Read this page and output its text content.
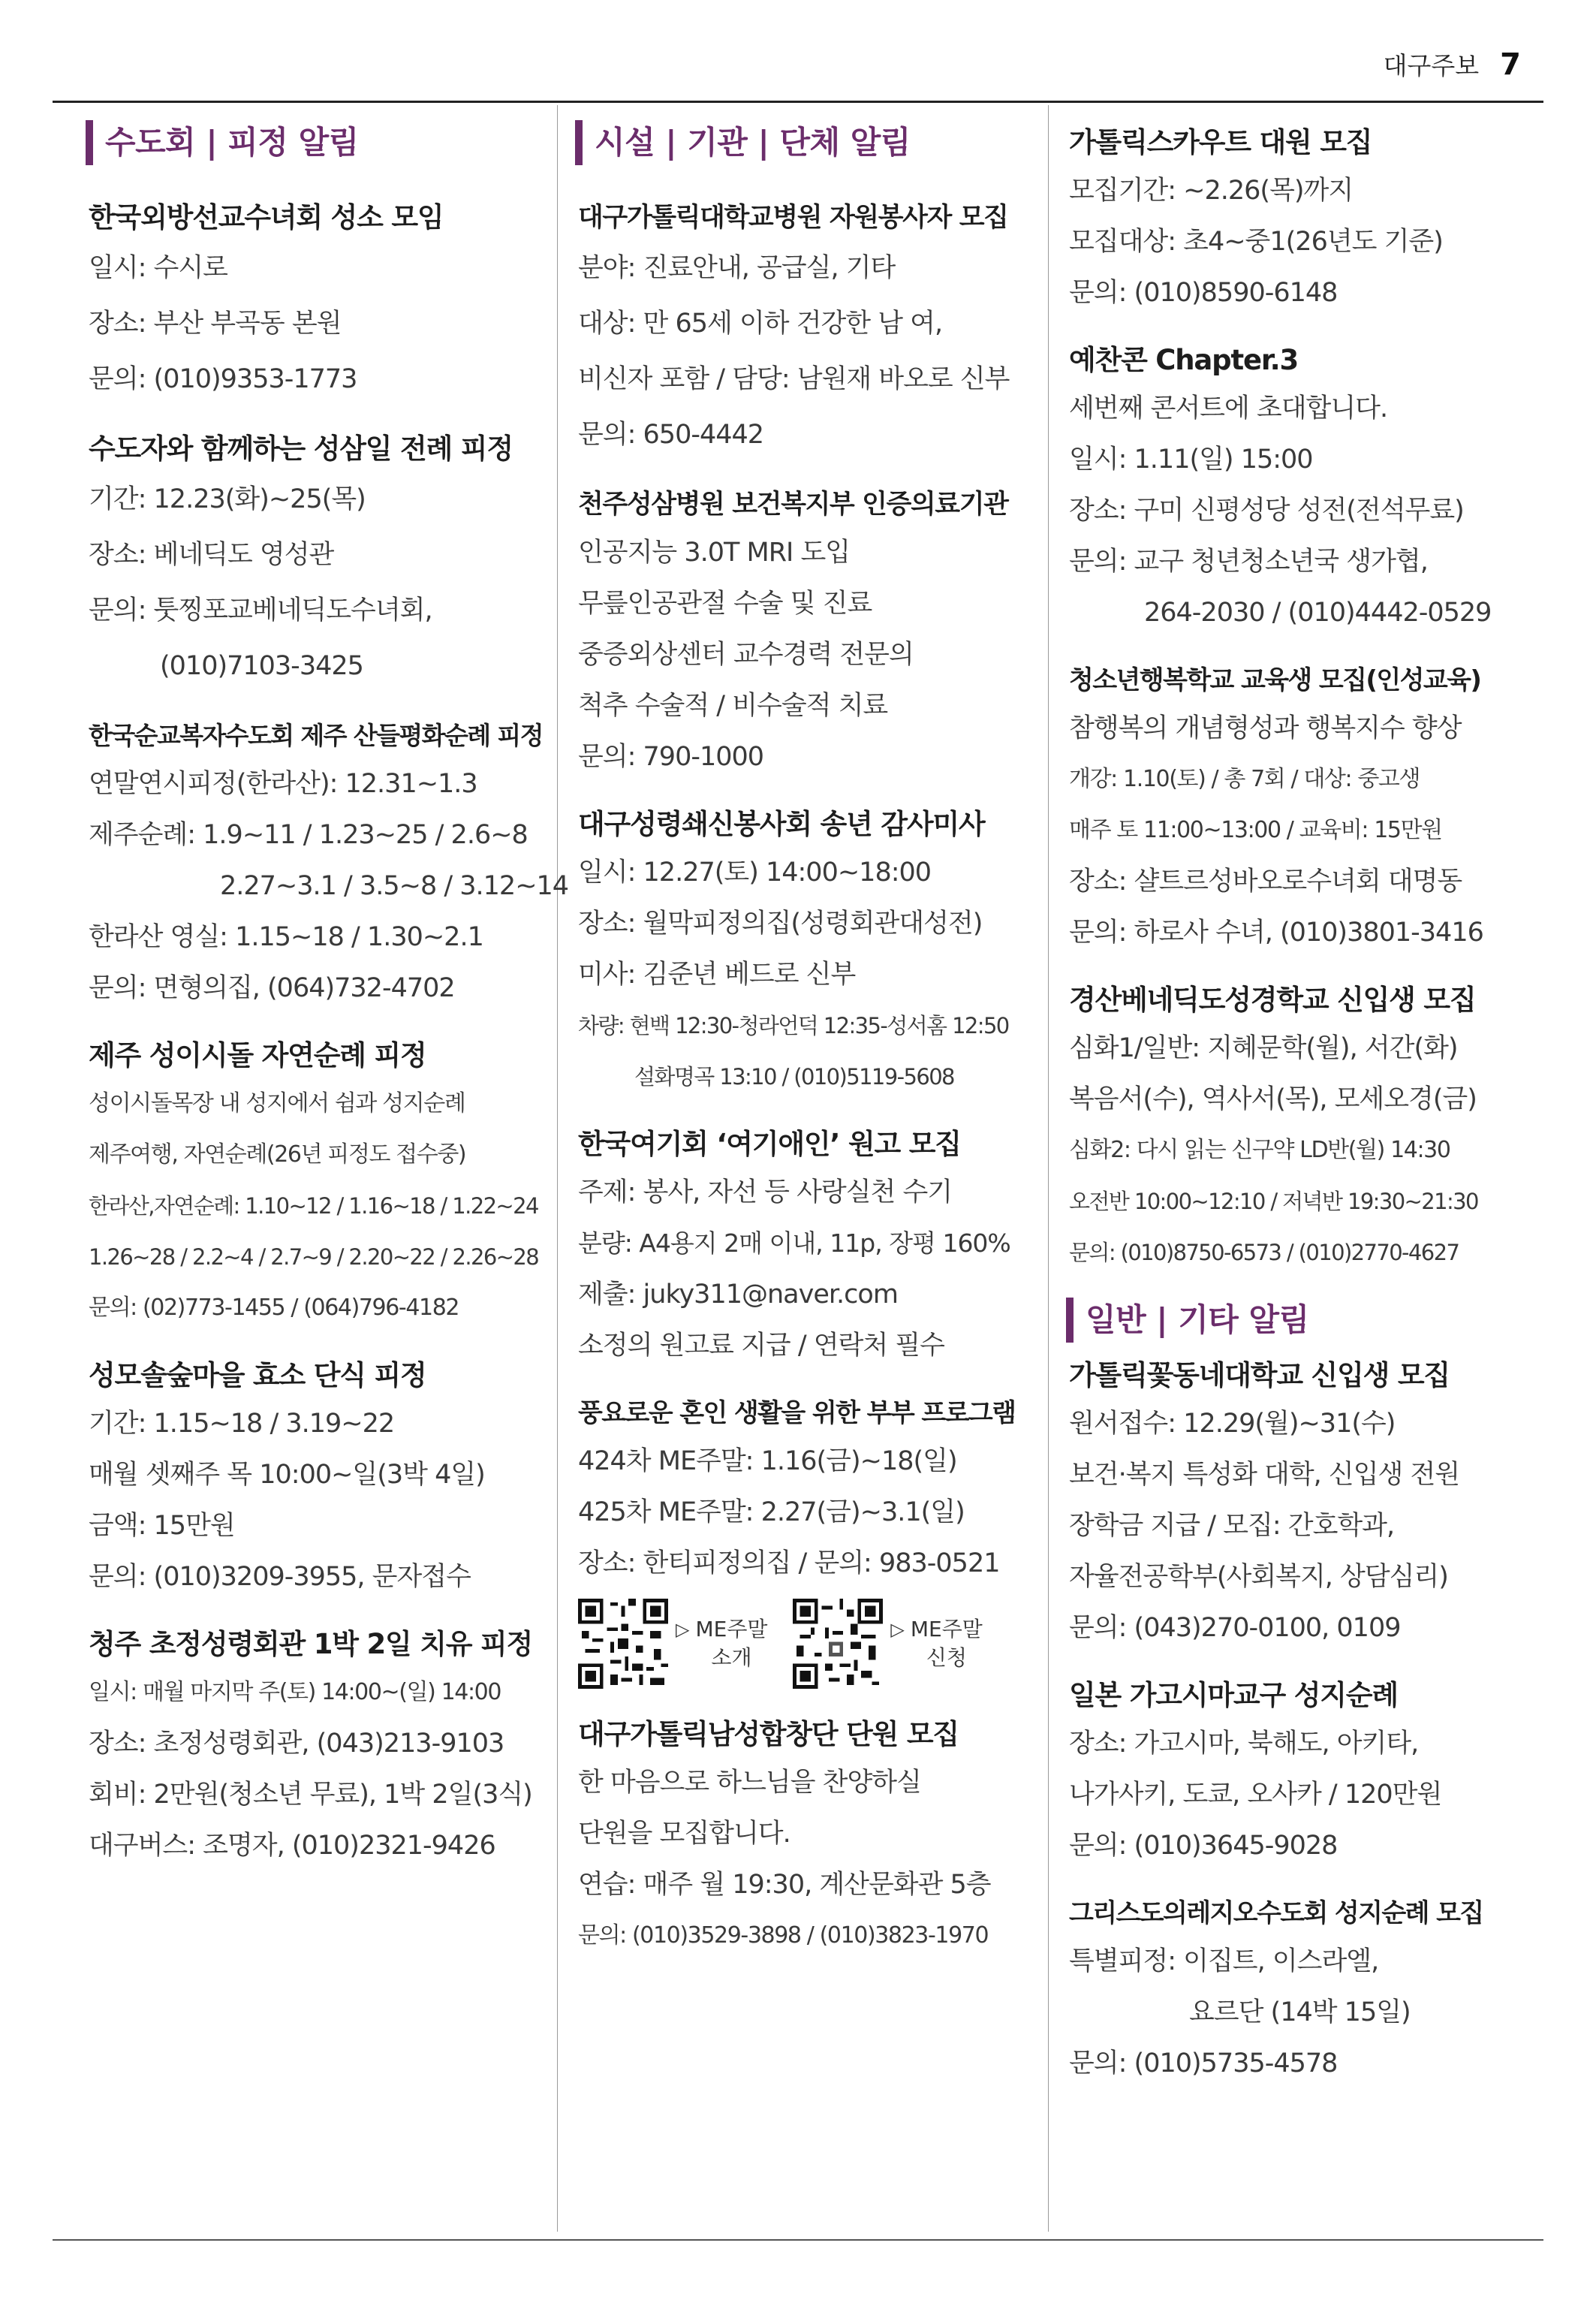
대구주보 7
수도회 | 피정 알림
한국외방선교수녀회 성소 모임
일시: 수시로
장소: 부산 부곡동 본원
문의: (010)9353-1773
수도자와 함께하는 성삼일 전례 피정
기간: 12.23(화)~25(목)
장소: 베네딕도 영성관
문의: 툿찡포교베네딕도수녀회,
(010)7103-3425
한국순교복자수도회 제주 산들평화순례 피정
연말연시피정(한라산): 12.31~1.3
제주순례: 1.9~11 / 1.23~25 / 2.6~8
2.27~3.1 / 3.5~8 / 3.12~14
한라산 영실: 1.15~18 / 1.30~2.1
문의: 면형의집, (064)732-4702
제주 성이시돌 자연순례 피정
성이시돌목장 내 성지에서 쉼과 성지순례
제주여행, 자연순례(26년 피정도 접수중)
한라산,자연순례: 1.10~12 / 1.16~18 / 1.22~24
1.26~28 / 2.2~4 / 2.7~9 / 2.20~22 / 2.26~28
문의: (02)773-1455 / (064)796-4182
성모솔숲마을 효소 단식 피정
기간: 1.15~18 / 3.19~22
매월 셋째주 목 10:00~일(3박 4일)
금액: 15만원
문의: (010)3209-3955, 문자접수
청주 초정성령회관 1박 2일 치유 피정
일시: 매월 마지막 주(토) 14:00~(일) 14:00
장소: 초정성령회관, (043)213-9103
회비: 2만원(청소년 무료), 1박 2일(3식)
대구버스: 조명자, (010)2321-9426
시설 | 기관 | 단체 알림
대구가톨릭대학교병원 자원봉사자 모집
분야: 진료안내, 공급실, 기타
대상: 만 65세 이하 건강한 남 여,
비신자 포함 / 담당: 남원재 바오로 신부
문의: 650-4442
천주성삼병원 보건복지부 인증의료기관
인공지능 3.0T MRI 도입
무릎인공관절 수술 및 진료
중증외상센터 교수경력 전문의
척추 수술적 / 비수술적 치료
문의: 790-1000
대구성령쇄신봉사회 송년 감사미사
일시: 12.27(토) 14:00~18:00
장소: 월막피정의집(성령회관대성전)
미사: 김준년 베드로 신부
차량: 현백 12:30-청라언덕 12:35-성서홈 12:50
설화명곡 13:10 / (010)5119-5608
한국여기회 ‘여기애인’ 원고 모집
주제: 봉사, 자선 등 사랑실천 수기
분량: A4용지 2매 이내, 11p, 장평 160%
제출: juky311@naver.com
소정의 원고료 지급 / 연락처 필수
풍요로운 혼인 생활을 위한 부부 프로그램
424차 ME주말: 1.16(금)~18(일)
425차 ME주말: 2.27(금)~3.1(일)
장소: 한티피정의집 / 문의: 983-0521
▷ ME주말
소개
▷ ME주말
신청
대구가톨릭남성합창단 단원 모집
한 마음으로 하느님을 찬양하실
단원을 모집합니다.
연습: 매주 월 19:30, 계산문화관 5층
문의: (010)3529-3898 / (010)3823-1970
가톨릭스카우트 대원 모집
모집기간: ~2.26(목)까지
모집대상: 초4~중1(26년도 기준)
문의: (010)8590-6148
예찬콘 Chapter.3
세번째 콘서트에 초대합니다.
일시: 1.11(일) 15:00
장소: 구미 신평성당 성전(전석무료)
문의: 교구 청년청소년국 생가협,
264-2030 / (010)4442-0529
청소년행복학교 교육생 모집(인성교육)
참행복의 개념형성과 행복지수 향상
개강: 1.10(토) / 총 7회 / 대상: 중고생
매주 토 11:00~13:00 / 교육비: 15만원
장소: 샬트르성바오로수녀회 대명동
문의: 하로사 수녀, (010)3801-3416
경산베네딕도성경학교 신입생 모집
심화1/일반: 지혜문학(월), 서간(화)
복음서(수), 역사서(목), 모세오경(금)
심화2: 다시 읽는 신구약 LD반(월) 14:30
오전반 10:00~12:10 / 저녁반 19:30~21:30
문의: (010)8750-6573 / (010)2770-4627
일반 | 기타 알림
가톨릭꽃동네대학교 신입생 모집
원서접수: 12.29(월)~31(수)
보건·복지 특성화 대학, 신입생 전원
장학금 지급 / 모집: 간호학과,
자율전공학부(사회복지, 상담심리)
문의: (043)270-0100, 0109
일본 가고시마교구 성지순례
장소: 가고시마, 북해도, 아키타,
나가사키, 도쿄, 오사카 / 120만원
문의: (010)3645-9028
그리스도의레지오수도회 성지순례 모집
특별피정: 이집트, 이스라엘,
요르단 (14박 15일)
문의: (010)5735-4578
